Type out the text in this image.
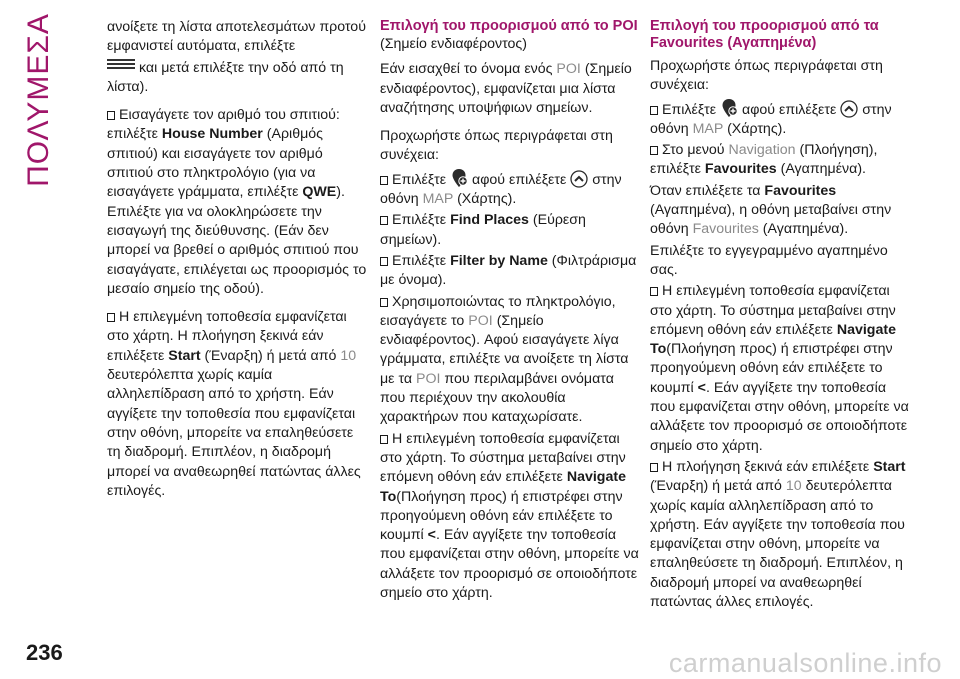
ΠΟΛΥΜΕΣΑ	ανοίξετε τη λίστα αποτελεσμάτων προτού εμφανιστεί αυτόματα, επιλέξτε

και μετά επιλέξτε την οδό από τη λίστα).

Εισαγάγετε τον αριθμό του σπιτιού: επιλέξτε House Number (Αριθμός σπιτιού) και εισαγάγετε τον αριθμό σπιτιού στο πληκτρολόγιο (για να εισαγάγετε γράμματα, επιλέξτε QWE). Επιλέξτε για να ολοκληρώσετε την εισαγωγή της διεύθυνσης. (Εάν δεν μπορεί να βρεθεί ο αριθμός σπιτιού που εισαγάγατε, επιλέγεται ως προορισμός το μεσαίο σημείο της οδού).

Η επιλεγμένη τοποθεσία εμφανίζεται στο χάρτη. Η πλοήγηση ξεκινά εάν επιλέξετε Start (Έναρξη) ή μετά από 10 δευτερόλεπτα χωρίς καμία αλληλεπίδραση από το χρήστη. Εάν αγγίξετε την τοποθεσία που εμφανίζεται στην οθόνη, μπορείτε να επαληθεύσετε τη διαδρομή. Επιπλέον, η διαδρομή μπορεί να αναθεωρηθεί πατώντας άλλες επιλογές.

Επιλογή του προορισμού από το POI

(Σημείο ενδιαφέροντος)

Εάν εισαχθεί το όνομα ενός POI (Σημείο ενδιαφέροντος), εμφανίζεται μια λίστα αναζήτησης υποψήφιων σημείων.

Προχωρήστε όπως περιγράφεται στη συνέχεια:

Επιλέξτε αφού επιλέξετε στην οθόνη MAP (Χάρτης).

Επιλέξτε Find Places (Εύρεση σημείων).

Επιλέξτε Filter by Name (Φιλτράρισμα με όνομα).

Χρησιμοποιώντας το πληκτρολόγιο, εισαγάγετε το POI (Σημείο ενδιαφέροντος). Αφού εισαγάγετε λίγα γράμματα, επιλέξτε να ανοίξετε τη λίστα με τα POI που περιλαμβάνει ονόματα που περιέχουν την ακολουθία χαρακτήρων που καταχωρίσατε.

Η επιλεγμένη τοποθεσία εμφανίζεται στο χάρτη. Το σύστημα μεταβαίνει στην επόμενη οθόνη εάν επιλέξετε Navigate To(Πλοήγηση προς) ή επιστρέφει στην προηγούμενη οθόνη εάν επιλέξετε το κουμπί <. Εάν αγγίξετε την τοποθεσία που εμφανίζεται στην οθόνη, μπορείτε να αλλάξετε τον προορισμό σε οποιοδήποτε σημείο στο χάρτη.

Επιλογή του προορισμού από τα Favourites (Αγαπημένα)

Προχωρήστε όπως περιγράφεται στη συνέχεια:

Επιλέξτε αφού επιλέξετε στην οθόνη MAP (Χάρτης).

Στο μενού Navigation (Πλοήγηση), επιλέξτε Favourites (Αγαπημένα).

Όταν επιλέξετε τα Favourites (Αγαπημένα), η οθόνη μεταβαίνει στην οθόνη Favourites (Αγαπημένα).

Επιλέξτε το εγγεγραμμένο αγαπημένο σας.

Η επιλεγμένη τοποθεσία εμφανίζεται στο χάρτη. Το σύστημα μεταβαίνει στην επόμενη οθόνη εάν επιλέξετε Navigate To(Πλοήγηση προς) ή επιστρέφει στην προηγούμενη οθόνη εάν επιλέξετε το κουμπί <. Εάν αγγίξετε την τοποθεσία που εμφανίζεται στην οθόνη, μπορείτε να αλλάξετε τον προορισμό σε οποιοδήποτε σημείο στο χάρτη.

Η πλοήγηση ξεκινά εάν επιλέξετε Start (Έναρξη) ή μετά από 10 δευτερόλεπτα χωρίς καμία αλληλεπίδραση από το χρήστη. Εάν αγγίξετε την τοποθεσία που εμφανίζεται στην οθόνη, μπορείτε να επαληθεύσετε τη διαδρομή. Επιπλέον, η διαδρομή μπορεί να αναθεωρηθεί πατώντας άλλες επιλογές.

236	carmanualsonline.info
